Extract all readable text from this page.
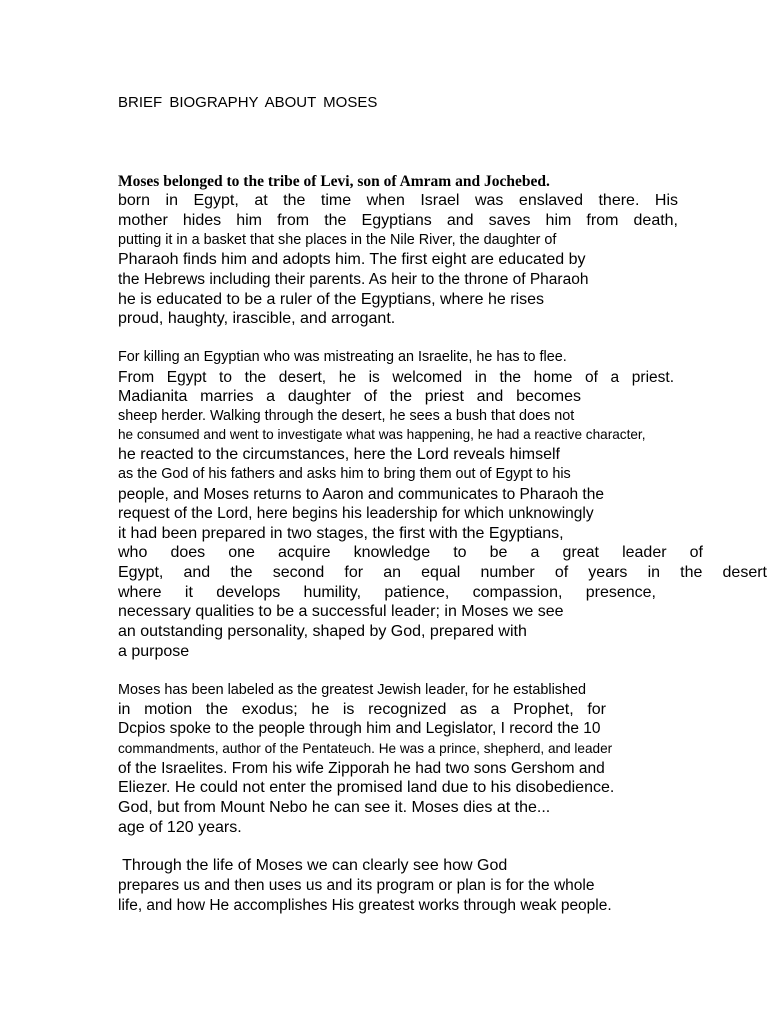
BRIEF BIOGRAPHY ABOUT MOSES
Moses belonged to the tribe of Levi, son of Amram and Jochebed.
born in Egypt, at the time when Israel was enslaved there. His
mother hides him from the Egyptians and saves him from death,
putting it in a basket that she places in the Nile River, the daughter of
Pharaoh finds him and adopts him. The first eight are educated by
the Hebrews including their parents. As heir to the throne of Pharaoh
he is educated to be a ruler of the Egyptians, where he rises
proud, haughty, irascible, and arrogant.
For killing an Egyptian who was mistreating an Israelite, he has to flee.
From Egypt to the desert, he is welcomed in the home of a priest.
Madianita marries a daughter of the priest and becomes
sheep herder. Walking through the desert, he sees a bush that does not
he consumed and went to investigate what was happening, he had a reactive character,
he reacted to the circumstances, here the Lord reveals himself
as the God of his fathers and asks him to bring them out of Egypt to his
people, and Moses returns to Aaron and communicates to Pharaoh the
request of the Lord, here begins his leadership for which unknowingly
it had been prepared in two stages, the first with the Egyptians,
who does one acquire knowledge to be a great leader of
Egypt, and the second for an equal number of years in the desert
where it develops humility, patience, compassion, presence,
necessary qualities to be a successful leader; in Moses we see
an outstanding personality, shaped by God, prepared with
a purpose
Moses has been labeled as the greatest Jewish leader, for he established
in motion the exodus; he is recognized as a Prophet, for
Dcpios spoke to the people through him and Legislator, I record the 10
commandments, author of the Pentateuch. He was a prince, shepherd, and leader
of the Israelites. From his wife Zipporah he had two sons Gershom and
Eliezer. He could not enter the promised land due to his disobedience.
God, but from Mount Nebo he can see it. Moses dies at the...
age of 120 years.
Through the life of Moses we can clearly see how God
prepares us and then uses us and its program or plan is for the whole
life, and how He accomplishes His greatest works through weak people.
